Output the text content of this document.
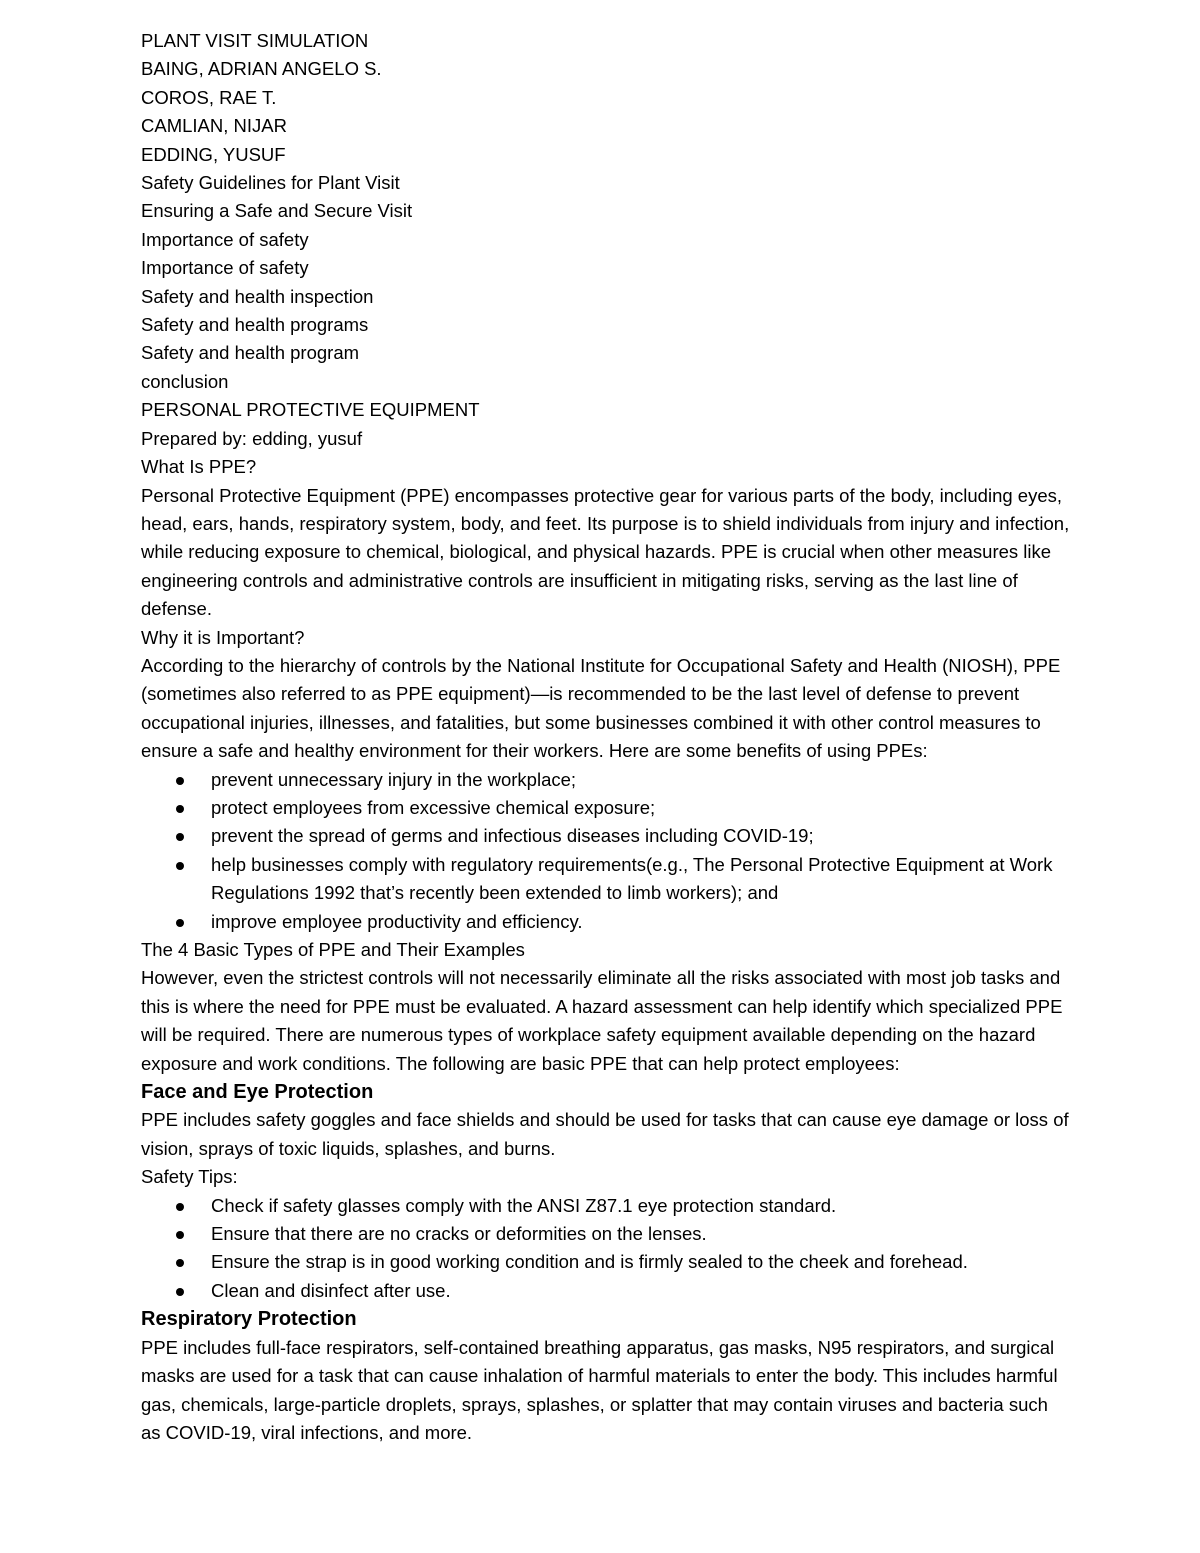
PLANT VISIT SIMULATION
BAING, ADRIAN ANGELO S.
COROS, RAE T.
CAMLIAN, NIJAR
EDDING, YUSUF
Safety Guidelines for Plant Visit
Ensuring a Safe and Secure Visit
Importance of safety
Importance of safety
Safety and health inspection
Safety and health programs
Safety and health program
conclusion
PERSONAL PROTECTIVE EQUIPMENT
Prepared by: edding, yusuf
What Is PPE?

Personal Protective Equipment (PPE) encompasses protective gear for various parts of the body, including eyes, head, ears, hands, respiratory system, body, and feet. Its purpose is to shield individuals from injury and infection, while reducing exposure to chemical, biological, and physical hazards. PPE is crucial when other measures like engineering controls and administrative controls are insufficient in mitigating risks, serving as the last line of defense.

Why it is Important?

According to the hierarchy of controls by the National Institute for Occupational Safety and Health (NIOSH), PPE (sometimes also referred to as PPE equipment)—is recommended to be the last level of defense to prevent occupational injuries, illnesses, and fatalities, but some businesses combined it with other control measures to ensure a safe and healthy environment for their workers. Here are some benefits of using PPEs:

prevent unnecessary injury in the workplace;
protect employees from excessive chemical exposure;
prevent the spread of germs and infectious diseases including COVID-19;
help businesses comply with regulatory requirements(e.g., The Personal Protective Equipment at Work Regulations 1992 that’s recently been extended to limb workers); and
improve employee productivity and efficiency.
The 4 Basic Types of PPE and Their Examples

However, even the strictest controls will not necessarily eliminate all the risks associated with most job tasks and this is where the need for PPE must be evaluated. A hazard assessment can help identify which specialized PPE will be required. There are numerous types of workplace safety equipment available depending on the hazard exposure and work conditions. The following are basic PPE that can help protect employees:

Face and Eye Protection

PPE includes safety goggles and face shields and should be used for tasks that can cause eye damage or loss of vision, sprays of toxic liquids, splashes, and burns.

Safety Tips:
Check if safety glasses comply with the ANSI Z87.1 eye protection standard.
Ensure that there are no cracks or deformities on the lenses.
Ensure the strap is in good working condition and is firmly sealed to the cheek and forehead.
Clean and disinfect after use.

Respiratory Protection

PPE includes full-face respirators, self-contained breathing apparatus, gas masks, N95 respirators, and surgical masks are used for a task that can cause inhalation of harmful materials to enter the body. This includes harmful gas, chemicals, large-particle droplets, sprays, splashes, or splatter that may contain viruses and bacteria such as COVID-19, viral infections, and more.
